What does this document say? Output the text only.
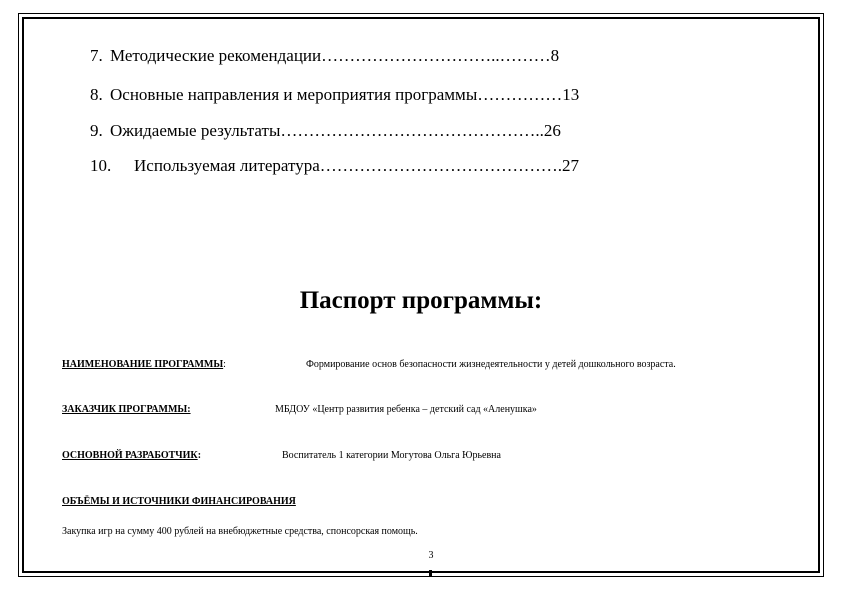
7. Методические рекомендации…………………………..………8
8. Основные направления и мероприятия программы……………13
9. Ожидаемые результаты………………………………………..26
10. Используемая литература…………………………………….27
Паспорт программы:
НАИМЕНОВАНИЕ ПРОГРАММЫ:	Формирование основ безопасности жизнедеятельности у детей дошкольного возраста.
ЗАКАЗЧИК ПРОГРАММЫ:	МБДОУ «Центр развития ребенка – детский сад «Аленушка»
ОСНОВНОЙ РАЗРАБОТЧИК:	Воспитатель 1 категории Могутова Ольга Юрьевна
ОБЪЁМЫ И ИСТОЧНИКИ ФИНАНСИРОВАНИЯ
Закупка игр на сумму 400 рублей на внебюджетные средства, спонсорская помощь.
3
